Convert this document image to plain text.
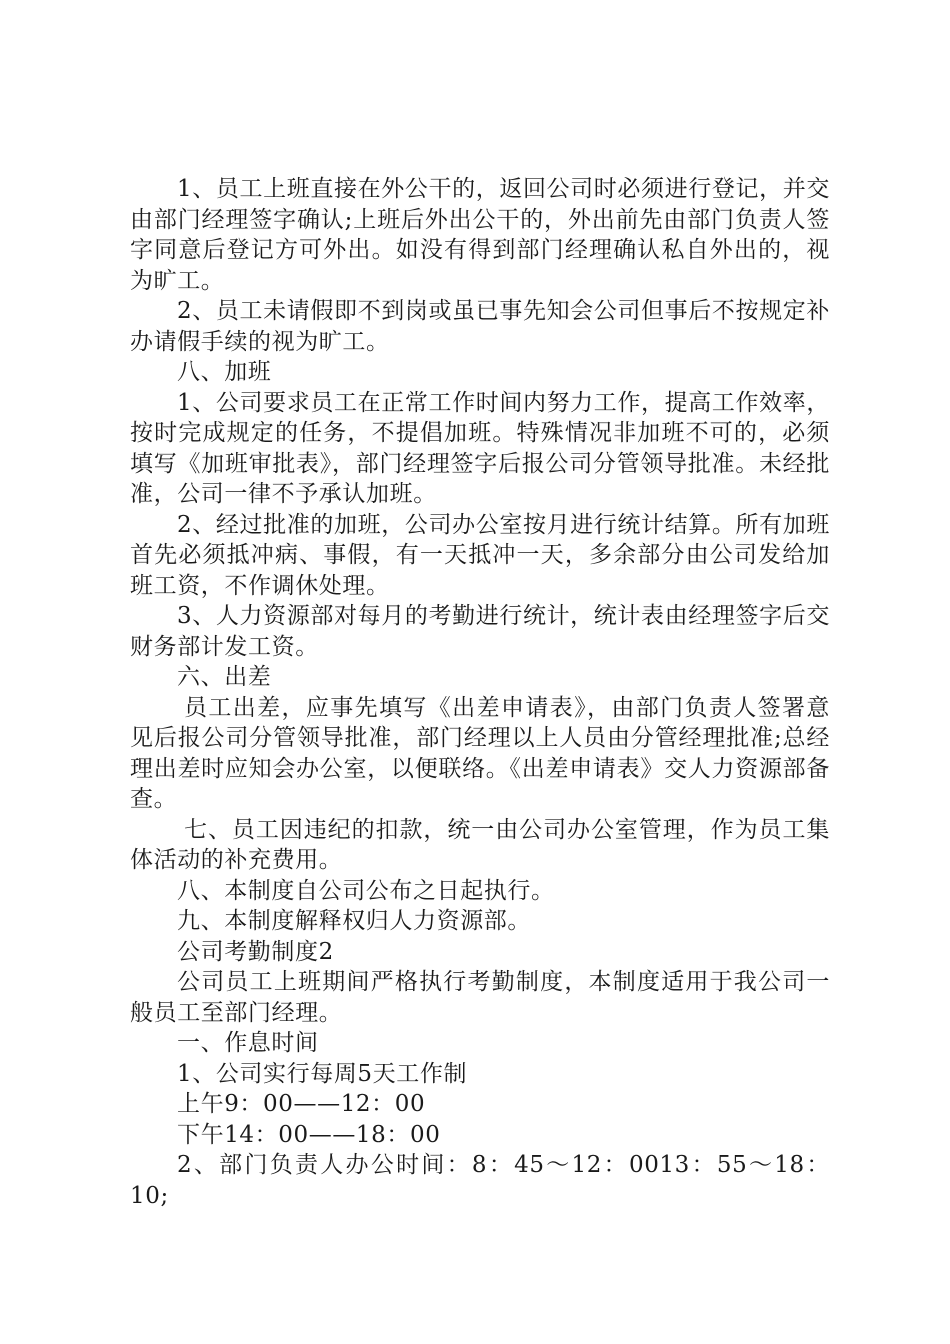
1、员工上班直接在外公干的，返回公司时必须进行登记，并交由部门经理签字确认;上班后外出公干的，外出前先由部门负责人签字同意后登记方可外出。如没有得到部门经理确认私自外出的，视为旷工。

2、员工未请假即不到岗或虽已事先知会公司但事后不按规定补办请假手续的视为旷工。

八、加班

1、公司要求员工在正常工作时间内努力工作，提高工作效率，按时完成规定的任务，不提倡加班。特殊情况非加班不可的，必须填写《加班审批表》，部门经理签字后报公司分管领导批准。未经批准，公司一律不予承认加班。

2、经过批准的加班，公司办公室按月进行统计结算。所有加班首先必须抵冲病、事假，有一天抵冲一天，多余部分由公司发给加班工资，不作调休处理。

3、人力资源部对每月的考勤进行统计，统计表由经理签字后交财务部计发工资。

六、出差

员工出差，应事先填写《出差申请表》，由部门负责人签署意见后报公司分管领导批准，部门经理以上人员由分管经理批准;总经理出差时应知会办公室，以便联络。《出差申请表》交人力资源部备查。

七、员工因违纪的扣款，统一由公司办公室管理，作为员工集体活动的补充费用。

八、本制度自公司公布之日起执行。

九、本制度解释权归人力资源部。

公司考勤制度2

公司员工上班期间严格执行考勤制度，本制度适用于我公司一般员工至部门经理。

一、作息时间

1、公司实行每周5天工作制

上午9：00——12：00

下午14：00——18：00

2、部门负责人办公时间：8：45～12：0013：55～18：10;
